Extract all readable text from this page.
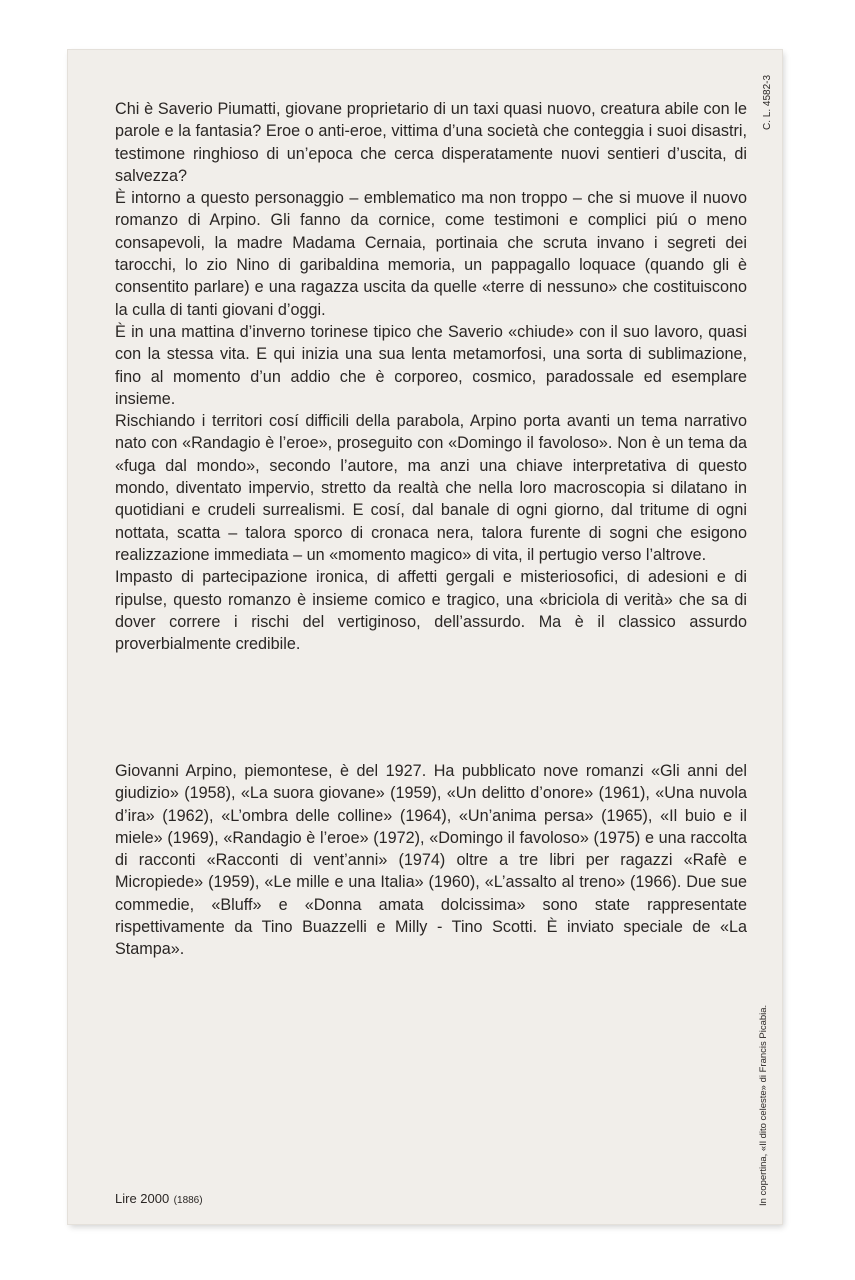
C. L. 4582-3

Chi è Saverio Piumatti, giovane proprietario di un taxi quasi nuovo, creatura abile con le parole e la fantasia? Eroe o anti-eroe, vittima d’una società che conteggia i suoi disastri, testimone ringhioso di un’epoca che cerca disperatamente nuovi sentieri d’uscita, di salvezza?

È intorno a questo personaggio – emblematico ma non troppo – che si muove il nuovo romanzo di Arpino. Gli fanno da cornice, come testimoni e complici piú o meno consapevoli, la madre Madama Cernaia, portinaia che scruta invano i segreti dei tarocchi, lo zio Nino di garibaldina memoria, un pappagallo loquace (quando gli è consentito parlare) e una ragazza uscita da quelle «terre di nessuno» che costituiscono la culla di tanti giovani d’oggi.

È in una mattina d’inverno torinese tipico che Saverio «chiude» con il suo lavoro, quasi con la stessa vita. E qui inizia una sua lenta metamorfosi, una sorta di sublimazione, fino al momento d’un addio che è corporeo, cosmico, paradossale ed esemplare insieme.

Rischiando i territori cosí difficili della parabola, Arpino porta avanti un tema narrativo nato con «Randagio è l’eroe», proseguito con «Domingo il favoloso». Non è un tema da «fuga dal mondo», secondo l’autore, ma anzi una chiave interpretativa di questo mondo, diventato impervio, stretto da realtà che nella loro macroscopia si dilatano in quotidiani e crudeli surrealismi. E cosí, dal banale di ogni giorno, dal tritume di ogni nottata, scatta – talora sporco di cronaca nera, talora furente di sogni che esigono realizzazione immediata – un «momento magico» di vita, il pertugio verso l’altrove.

Impasto di partecipazione ironica, di affetti gergali e misteriosofici, di adesioni e di ripulse, questo romanzo è insieme comico e tragico, una «briciola di verità» che sa di dover correre i rischi del vertiginoso, dell’assurdo. Ma è il classico assurdo proverbialmente credibile.

Giovanni Arpino, piemontese, è del 1927. Ha pubblicato nove romanzi «Gli anni del giudizio» (1958), «La suora giovane» (1959), «Un delitto d’onore» (1961), «Una nuvola d’ira» (1962), «L’ombra delle colline» (1964), «Un’anima persa» (1965), «Il buio e il miele» (1969), «Randagio è l’eroe» (1972), «Domingo il favoloso» (1975) e una raccolta di racconti «Racconti di vent’anni» (1974) oltre a tre libri per ragazzi «Rafè e Micropiede» (1959), «Le mille e una Italia» (1960), «L’assalto al treno» (1966). Due sue commedie, «Bluff» e «Donna amata dolcissima» sono state rappresentate rispettivamente da Tino Buazzelli e Milly - Tino Scotti. È inviato speciale de «La Stampa».

In copertina, «Il dito celeste» di Francis Picabia.
Lire 2000 (1886)
